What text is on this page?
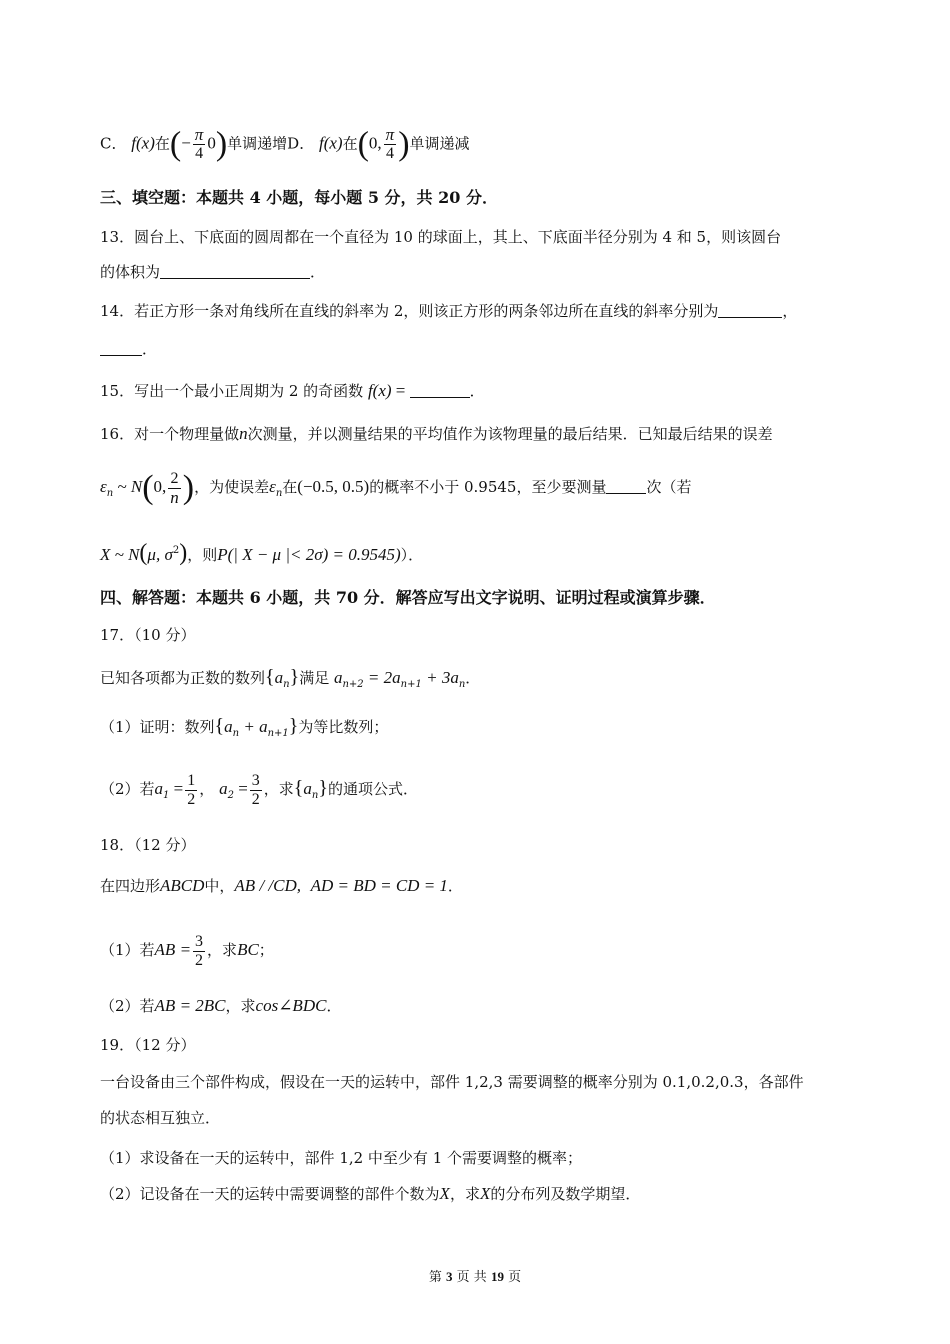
C． f(x)在(− $\frac{\pi}{4} 0$)单调递增D． f(x)在(0, $\frac{\pi}{4}$ )单调递减
三、填空题：本题共 4 小题，每小题 5 分，共 20 分．
13．圆台上、下底面的圆周都在一个直径为 10 的球面上，其上、下底面半径分别为 4 和 5，则该圆台
的体积为	．
14．若正方形一条对角线所在直线的斜率为 2，则该正方形的两条邻边所在直线的斜率分别为	，
．
15．写出一个最小正周期为 2 的奇函数 f(x) =	．
16．对一个物理量做n次测量，并以测量结果的平均值作为该物理量的最后结果．已知最后结果的误差
$\varepsilon_n$ ~ N(0, $\frac{2}{n}$ )，为使误差$\varepsilon_n$在(−0.5, 0.5)的概率不小于 0.9545，至少要测量	次（若
X ~ N(μ, $\sigma^2$)，则P(| X − μ |< 2σ) = 0.9545)）．
四、解答题：本题共 6 小题，共 70 分．解答应写出文字说明、证明过程或演算步骤．
17．（10 分）
已知各项都为正数的数列$\{a_n\}$满足 $a_{n+2} = 2a_{n+1} + 3a_n$．
（1）证明：数列$\{a_n + a_{n+1}\}$为等比数列；
（2）若$a_1 = \frac{1}{2}$ ， $a_2 = \frac{3}{2}$ ，求$\{a_n\}$的通项公式．
18．（12 分）
在四边形ABCD中，AB / /CD, AD = BD = CD = 1．
（1）若AB = $\frac{3}{2}$ ，求BC；
（2）若AB = 2BC，求cos∠BDC．
19．（12 分）
一台设备由三个部件构成，假设在一天的运转中，部件 1,2,3 需要调整的概率分别为 0.1,0.2,0.3，各部件
的状态相互独立．
（1）求设备在一天的运转中，部件 1,2 中至少有 1 个需要调整的概率；
（2）记设备在一天的运转中需要调整的部件个数为X，求X的分布列及数学期望．
第 3 页 共 19 页
